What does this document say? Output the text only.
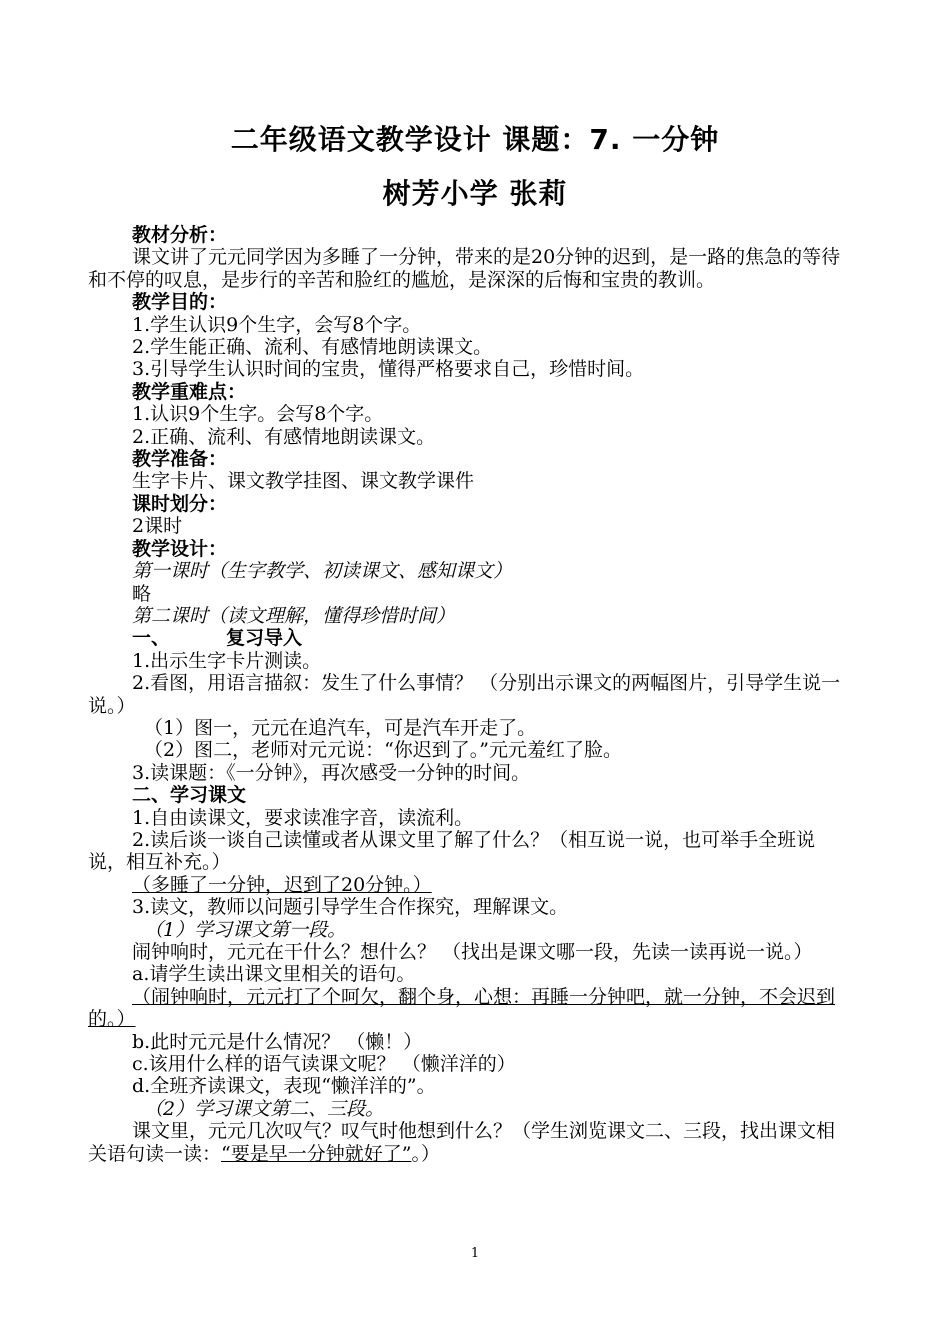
二年级语文教学设计 课题：7. 一分钟
树芳小学 张莉

教材分析：

课文讲了元元同学因为多睡了一分钟，带来的是20分钟的迟到，是一路的焦急的等待和不停的叹息，是步行的辛苦和脸红的尴尬，是深深的后悔和宝贵的教训。

教学目的：

1.学生认识9个生字，会写8个字。

2.学生能正确、流利、有感情地朗读课文。

3.引导学生认识时间的宝贵，懂得严格要求自己，珍惜时间。

教学重难点：

1.认识9个生字。会写8个字。

2.正确、流利、有感情地朗读课文。

教学准备：

生字卡片、课文教学挂图、课文教学课件

课时划分：

2课时

教学设计：

第一课时（生字教学、初读课文、感知课文）

略

第二课时（读文理解，懂得珍惜时间）

一、	复习导入

1.出示生字卡片测读。

2.看图，用语言描叙：发生了什么事情？ （分别出示课文的两幅图片，引导学生说一说。）

（1）图一，元元在追汽车，可是汽车开走了。

（2）图二，老师对元元说：“你迟到了。”元元羞红了脸。

3.读课题：《一分钟》，再次感受一分钟的时间。

二、学习课文

1.自由读课文，要求读准字音，读流利。

2.读后谈一谈自己读懂或者从课文里了解了什么？（相互说一说，也可举手全班说说，相互补充。）

（多睡了一分钟，迟到了20分钟。）

3.读文，教师以问题引导学生合作探究，理解课文。

（1）学习课文第一段。

闹钟响时，元元在干什么？想什么？ （找出是课文哪一段，先读一读再说一说。）

a.请学生读出课文里相关的语句。

（闹钟响时，元元打了个呵欠，翻个身，心想：再睡一分钟吧，就一分钟，不会迟到的。）

b.此时元元是什么情况？ （懒！）

c.该用什么样的语气读课文呢？ （懒洋洋的）

d.全班齐读课文，表现“懒洋洋的”。

（2）学习课文第二、三段。

课文里，元元几次叹气？叹气时他想到什么？（学生浏览课文二、三段，找出课文相关语句读一读：“要是早一分钟就好了”。）

1
